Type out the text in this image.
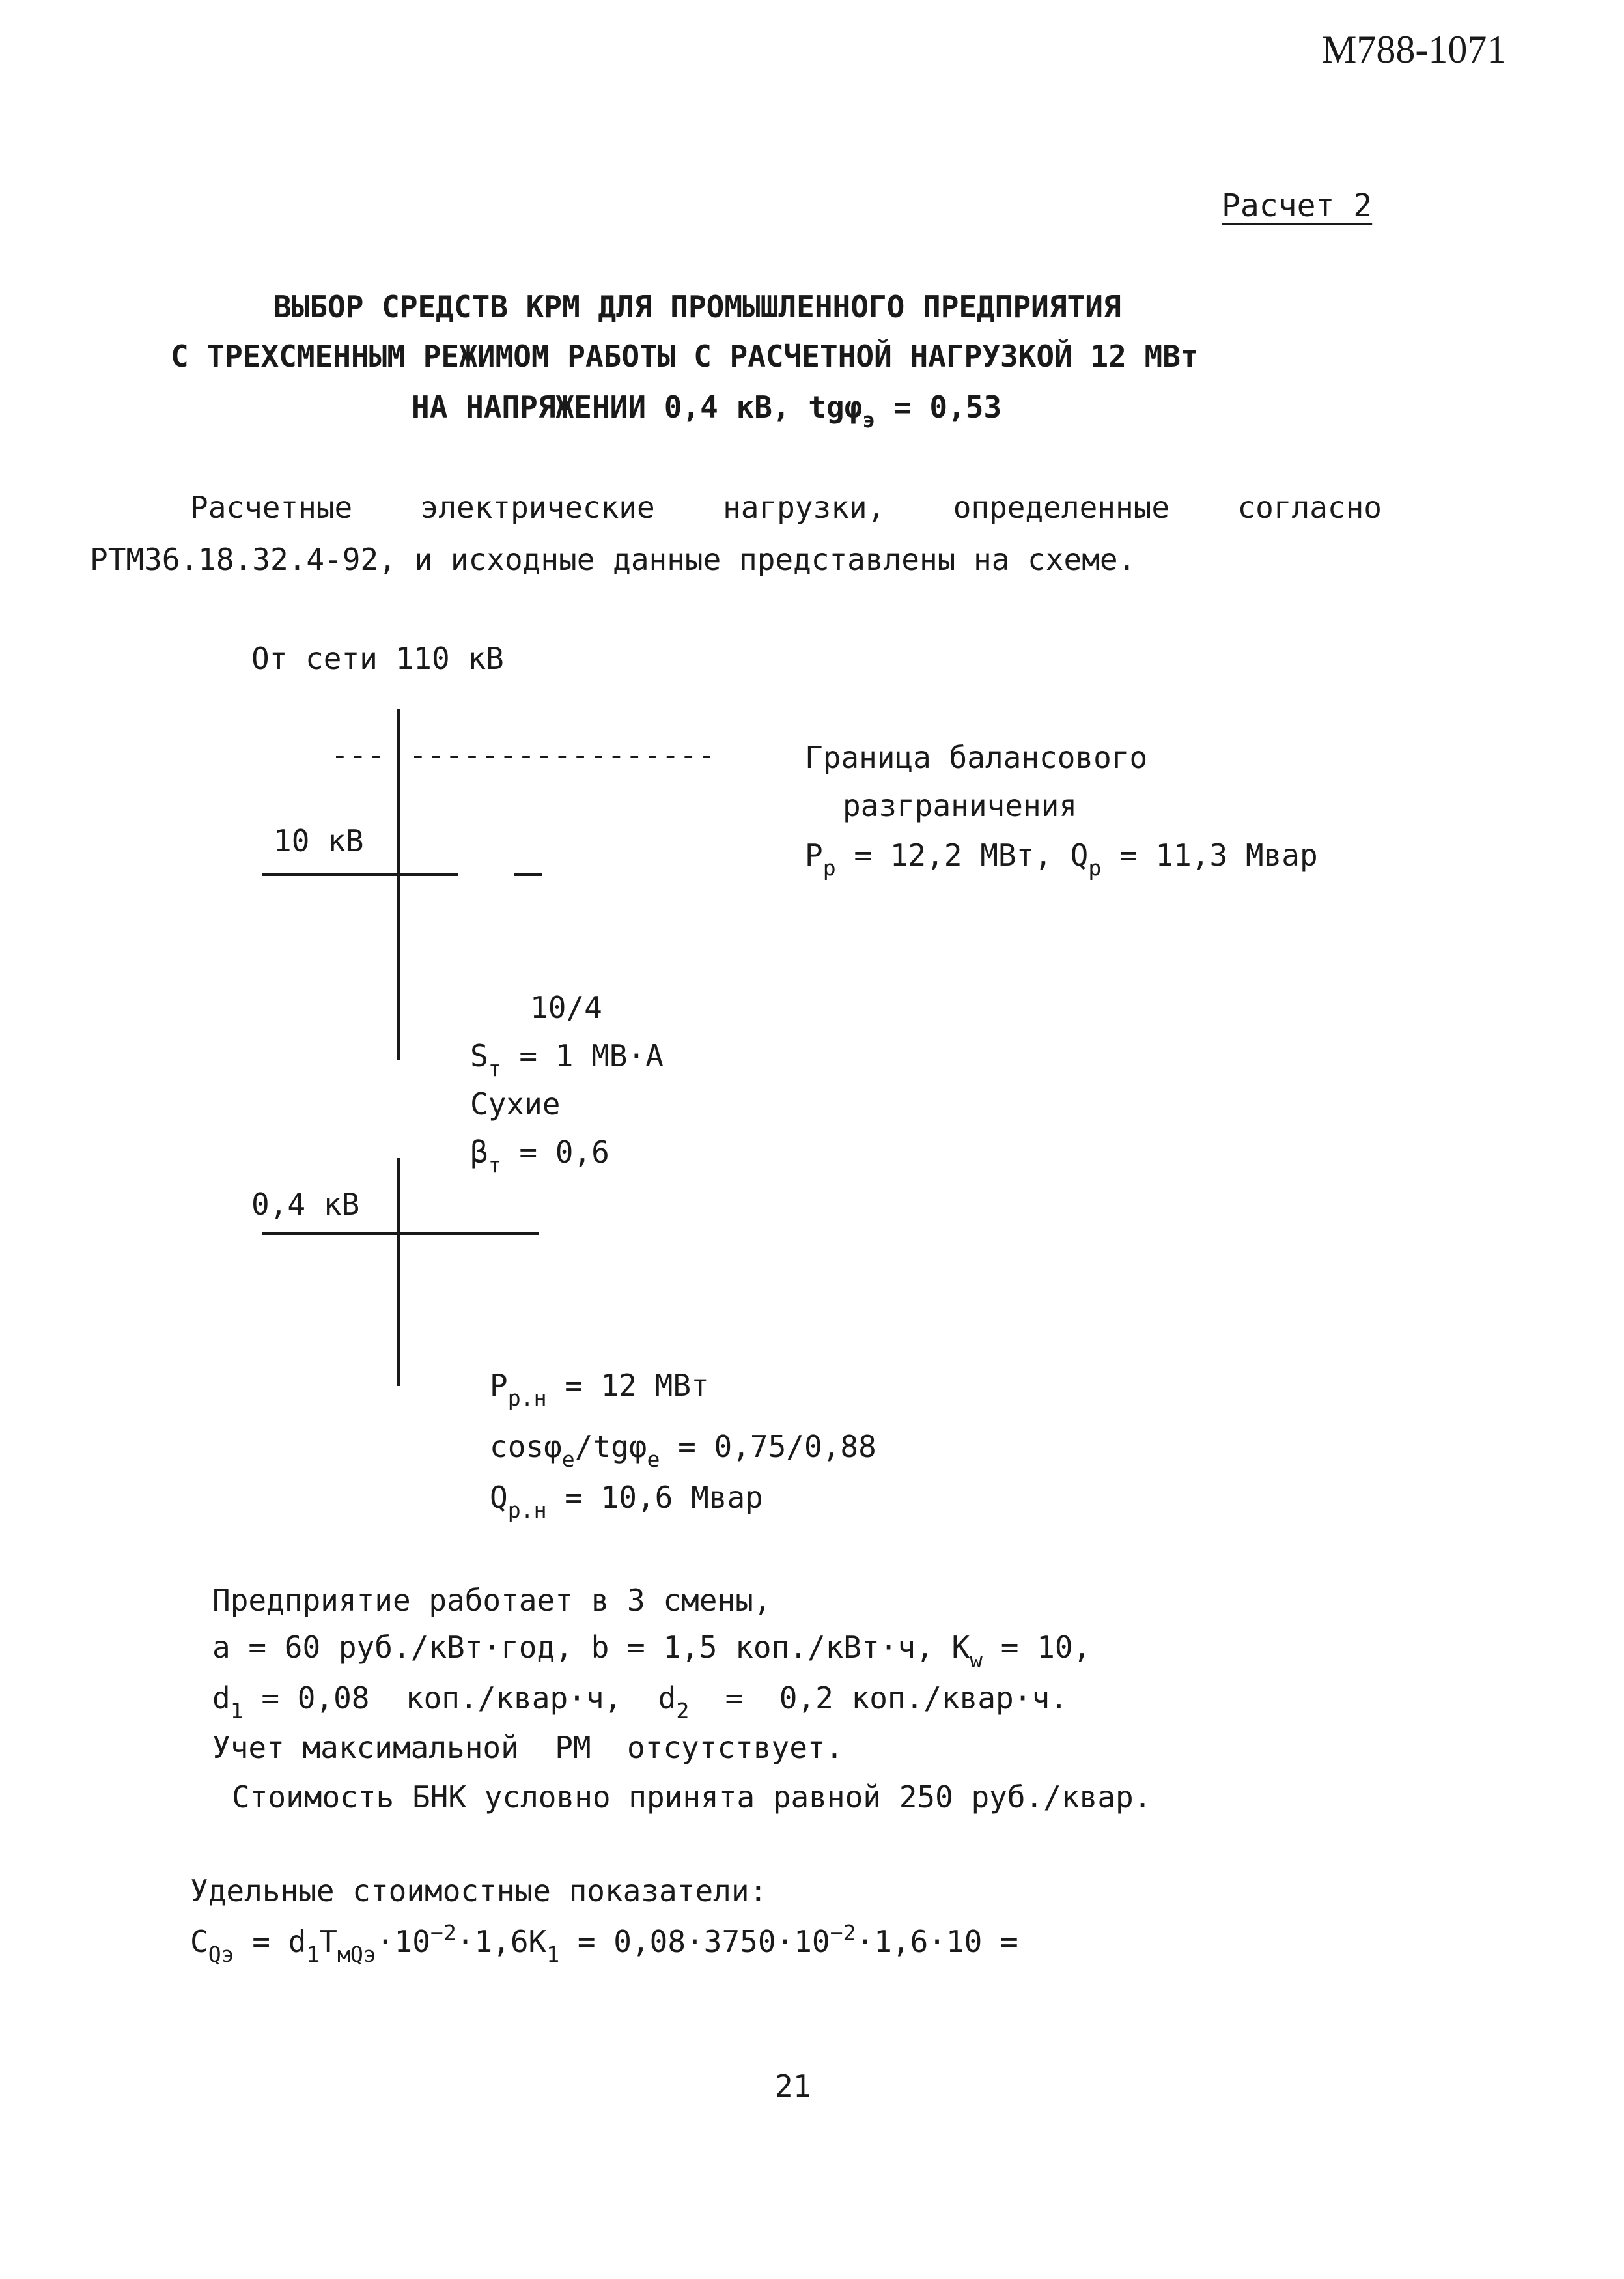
М788-1071
Расчет 2
ВЫБОР СРЕДСТВ КРМ ДЛЯ ПРОМЫШЛЕННОГО ПРЕДПРИЯТИЯ
С ТРЕХСМЕННЫМ РЕЖИМОМ РАБОТЫ С РАСЧЕТНОЙ НАГРУЗКОЙ 12 МВт
НА НАПРЯЖЕНИИ 0,4 кВ, tgφ$_э$ = 0,53
Расчетные электрические нагрузки, определенные согласно
РТМ36.18.32.4-92, и исходные данные представлены на схеме.
От сети 110 кВ
--- -----------------	Граница балансового
разграничения
$P_р = 12,2$ МВт, $Q_р = 11,3$ Мвар
10 кВ
10/4
$S_т = 1$ МВ·А
Сухие
$\beta_т = 0,6$
0,4 кВ
$P_{р.н} = 12$ МВт
cosφ$_е$/tgφ$_е$ = 0,75/0,88
$Q_{р.н} = 10,6$ Мвар
Предприятие работает в 3 смены,
a = 60 руб./кВт·год, b = 1,5 коп./кВт·ч, $K_w = 10$,
$d_1 = 0,08$  коп./квар·ч,  $d_2 = 0,2$ коп./квар·ч.
Учет максимальной  РМ  отсутствует.
Стоимость БНК условно принята равной 250 руб./квар.
Удельные стоимостные показатели:
$C_{Qэ} = d_1T_{мQэ}\cdot 10^{-2}\cdot 1,6K_1 = 0,08\cdot 3750\cdot 10^{-2}\cdot 1,6\cdot 10$ =
21
